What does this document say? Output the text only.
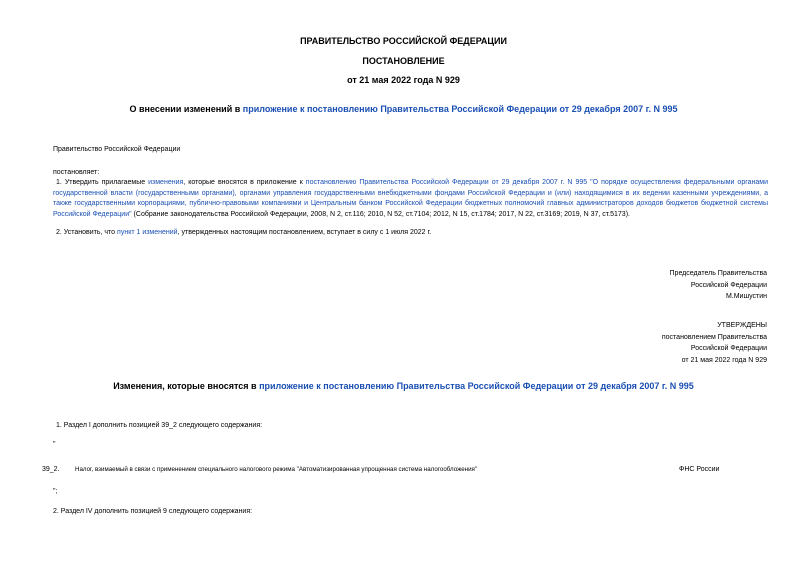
ПРАВИТЕЛЬСТВО РОССИЙСКОЙ ФЕДЕРАЦИИ
ПОСТАНОВЛЕНИЕ
от 21 мая 2022 года N 929
О внесении изменений в приложение к постановлению Правительства Российской Федерации от 29 декабря 2007 г. N 995
Правительство Российской Федерации
постановляет:
1. Утвердить прилагаемые изменения, которые вносятся в приложение к постановлению Правительства Российской Федерации от 29 декабря 2007 г. N 995 "О порядке осуществления федеральными органами государственной власти (государственными органами), органами управления государственными внебюджетными фондами Российской Федерации и (или) находящимися в их ведении казенными учреждениями, а также государственными корпорациями, публично-правовыми компаниями и Центральным банком Российской Федерации бюджетных полномочий главных администраторов доходов бюджетов бюджетной системы Российской Федерации" (Собрание законодательства Российской Федерации, 2008, N 2, ст.116; 2010, N 52, ст.7104; 2012, N 15, ст.1784; 2017, N 22, ст.3169; 2019, N 37, ст.5173).
2. Установить, что пункт 1 изменений, утвержденных настоящим постановлением, вступает в силу с 1 июля 2022 г.
Председатель Правительства
Российской Федерации
М.Мишустин
УТВЕРЖДЕНЫ
постановлением Правительства
Российской Федерации
от 21 мая 2022 года N 929
Изменения, которые вносятся в приложение к постановлению Правительства Российской Федерации от 29 декабря 2007 г. N 995
1. Раздел I дополнить позицией 39_2 следующего содержания:
"
39_2. Налог, взимаемый в связи с применением специального налогового режима "Автоматизированная упрощенная система налогообложения"	ФНС России
";
2. Раздел IV дополнить позицией 9 следующего содержания:
